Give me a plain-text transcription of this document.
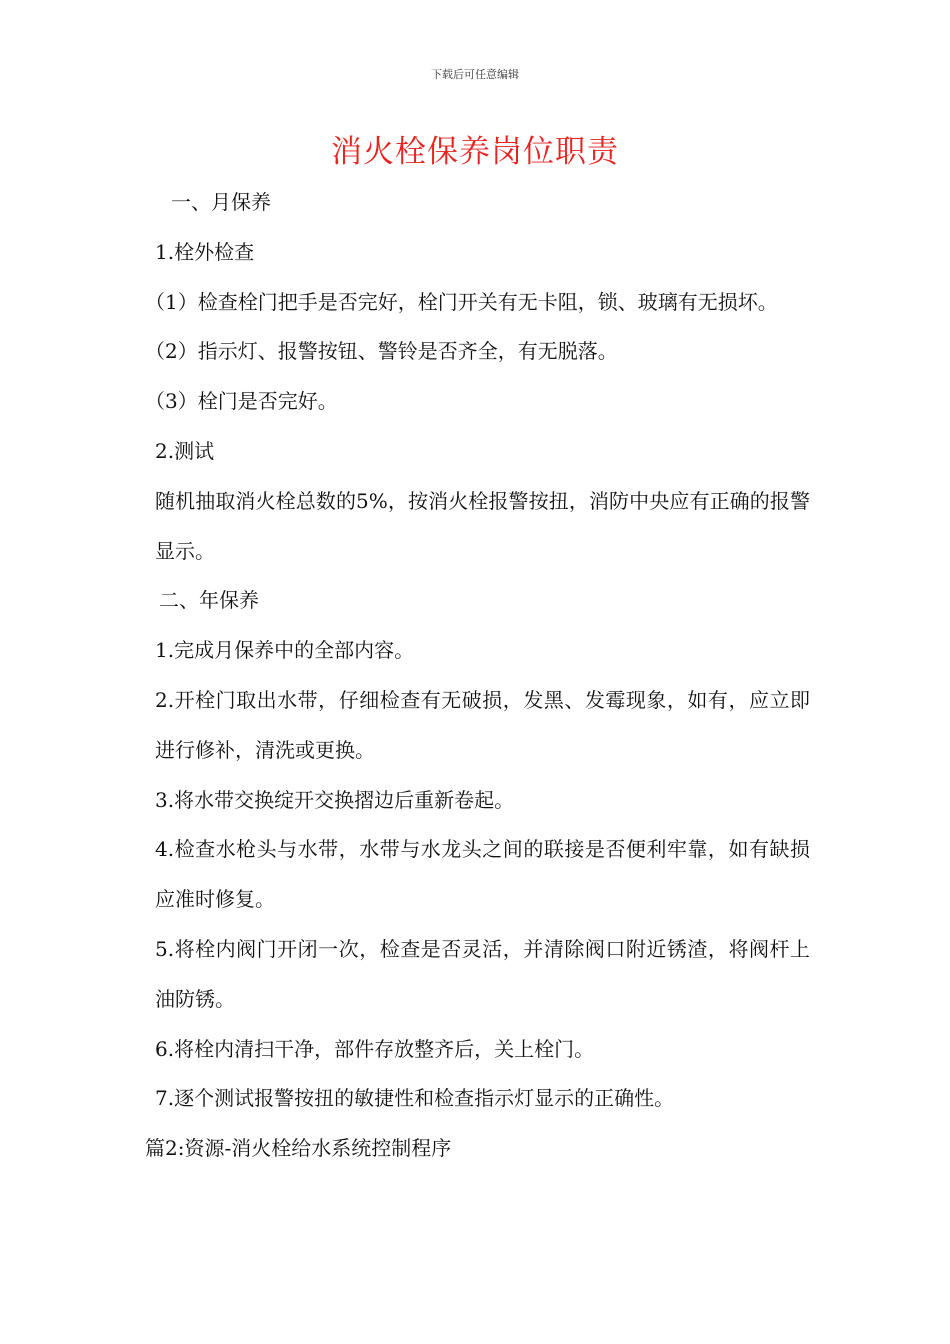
下载后可任意编辑
消火栓保养岗位职责

一、月保养

1.栓外检查

（1）检查栓门把手是否完好，栓门开关有无卡阻，锁、玻璃有无损坏。

（2）指示灯、报警按钮、警铃是否齐全，有无脱落。

（3）栓门是否完好。

2.测试

随机抽取消火栓总数的5%，按消火栓报警按扭，消防中央应有正确的报警显示。

二、年保养

1.完成月保养中的全部内容。

2.开栓门取出水带，仔细检查有无破损，发黑、发霉现象，如有，应立即进行修补，清洗或更换。

3.将水带交换绽开交换摺边后重新卷起。

4.检查水枪头与水带，水带与水龙头之间的联接是否便利牢靠，如有缺损应准时修复。

5.将栓内阀门开闭一次，检查是否灵活，并清除阀口附近锈渣，将阀杆上油防锈。

6.将栓内清扫干净，部件存放整齐后，关上栓门。

7.逐个测试报警按扭的敏捷性和检查指示灯显示的正确性。

篇2:资源-消火栓给水系统控制程序
